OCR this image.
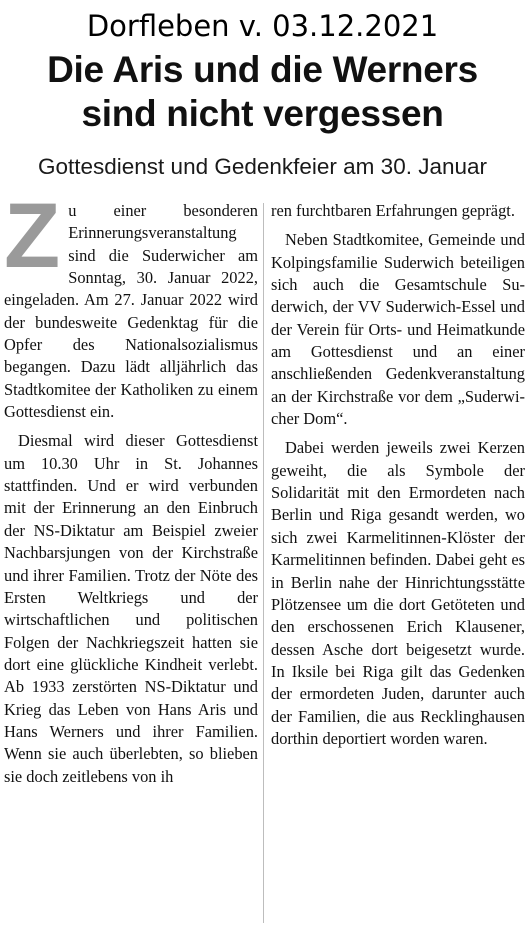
Dorfleben v. 03.12.2021
Die Aris und die Werners
sind nicht vergessen
Gottesdienst und Gedenkfeier am 30. Januar

Zu einer besonderen Erinnerungsveranstaltung sind die Suderwicher am Sonntag, 30. Januar 2022, eingeladen. Am 27. Januar 2022 wird der bundesweite Gedenktag für die Opfer des Nationalsozialismus begangen. Dazu lädt alljährlich das Stadtkomitee der Katholiken zu einem Gottesdienst ein.

Diesmal wird dieser Gottesdienst um 10.30 Uhr in St. Johannes stattfinden. Und er wird verbunden mit der Erinnerung an den Einbruch der NS-Diktatur am Beispiel zweier Nachbarsjungen von der Kirchstraße und ihrer Familien. Trotz der Nöte des Ersten Weltkriegs und der wirtschaftlichen und politischen Folgen der Nachkriegszeit hatten sie dort eine glückliche Kindheit verlebt. Ab 1933 zerstörten NS-Diktatur und Krieg das Leben von Hans Aris und Hans Werners und ihrer Familien. Wenn sie auch überlebten, so blieben sie doch zeitlebens von ih

ren furchtbaren Erfahrungen geprägt.

Neben Stadtkomitee, Gemeinde und Kolpingsfamilie Suderwich beteiligen sich auch die Gesamtschule Suderwich, der VV Suderwich-Essel und der Verein für Orts- und Heimatkunde am Gottesdienst und an einer anschließenden Gedenkveranstaltung an der Kirchstraße vor dem „Suderwicher Dom“.

Dabei werden jeweils zwei Kerzen geweiht, die als Symbole der Solidarität mit den Ermordeten nach Berlin und Riga gesandt werden, wo sich zwei Karmelitinnen-Klöster der Karmelitinnen befinden. Dabei geht es in Berlin nahe der Hinrichtungsstätte Plötzensee um die dort Getöteten und den erschossenen Erich Klausener, dessen Asche dort beigesetzt wurde. In Iksile bei Riga gilt das Gedenken der ermordeten Juden, darunter auch der Familien, die aus Recklinghausen dorthin deportiert worden waren.
